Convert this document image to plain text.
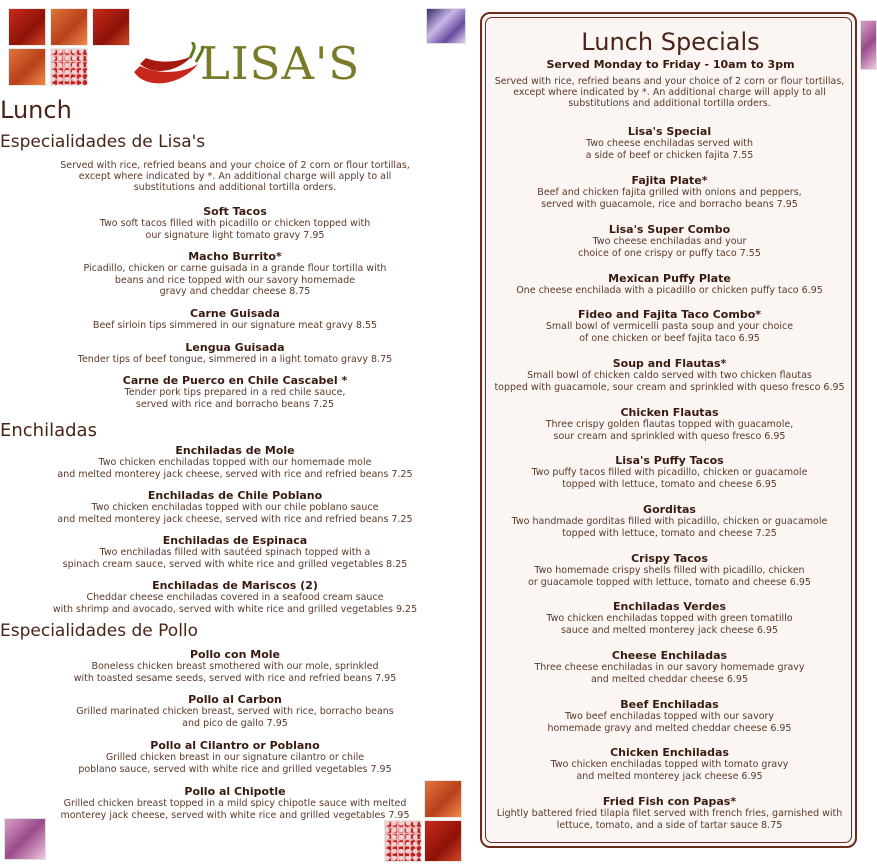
LISA'S
Lunch
Especialidades de Lisa's
Served with rice, refried beans and your choice of 2 corn or flour tortillas,
except where indicated by *. An additional charge will apply to all
substitutions and additional tortilla orders.
Soft Tacos
Two soft tacos filled with picadillo or chicken topped with
our signature light tomato gravy 7.95
Macho Burrito*
Picadillo, chicken or carne guisada in a grande flour tortilla with
beans and rice topped with our savory homemade
gravy and cheddar cheese 8.75
Carne Guisada
Beef sirloin tips simmered in our signature meat gravy 8.55
Lengua Guisada
Tender tips of beef tongue, simmered in a light tomato gravy 8.75
Carne de Puerco en Chile Cascabel *
Tender pork tips prepared in a red chile sauce,
served with rice and borracho beans 7.25
Enchiladas
Enchiladas de Mole
Two chicken enchiladas topped with our homemade mole
and melted monterey jack cheese, served with rice and refried beans 7.25
Enchiladas de Chile Poblano
Two chicken enchiladas topped with our chile poblano sauce
and melted monterey jack cheese, served with rice and refried beans 7.25
Enchiladas de Espinaca
Two enchiladas filled with sautéed spinach topped with a
spinach cream sauce, served with white rice and grilled vegetables 8.25
Enchiladas de Mariscos (2)
Cheddar cheese enchiladas covered in a seafood cream sauce
with shrimp and avocado, served with white rice and grilled vegetables 9.25
Especialidades de Pollo
Pollo con Mole
Boneless chicken breast smothered with our mole, sprinkled
with toasted sesame seeds, served with rice and refried beans 7.95
Pollo al Carbon
Grilled marinated chicken breast, served with rice, borracho beans
and pico de gallo 7.95
Pollo al Cilantro or Poblano
Grilled chicken breast in our signature cilantro or chile
poblano sauce, served with white rice and grilled vegetables 7.95
Pollo al Chipotle
Grilled chicken breast topped in a mild spicy chipotle sauce with melted
monterey jack cheese, served with white rice and grilled vegetables 7.95
Lunch Specials
Served Monday to Friday - 10am to 3pm
Served with rice, refried beans and your choice of 2 corn or flour tortillas,
except where indicated by *. An additional charge will apply to all
substitutions and additional tortilla orders.
Lisa's Special
Two cheese enchiladas served with
a side of beef or chicken fajita 7.55
Fajita Plate*
Beef and chicken fajita grilled with onions and peppers,
served with guacamole, rice and borracho beans 7.95
Lisa's Super Combo
Two cheese enchiladas and your
choice of one crispy or puffy taco 7.55
Mexican Puffy Plate
One cheese enchilada with a picadillo or chicken puffy taco 6.95
Fideo and Fajita Taco Combo*
Small bowl of vermicelli pasta soup and your choice
of one chicken or beef fajita taco 6.95
Soup and Flautas*
Small bowl of chicken caldo served with two chicken flautas
topped with guacamole, sour cream and sprinkled with queso fresco 6.95
Chicken Flautas
Three crispy golden flautas topped with guacamole,
sour cream and sprinkled with queso fresco 6.95
Lisa's Puffy Tacos
Two puffy tacos filled with picadillo, chicken or guacamole
topped with lettuce, tomato and cheese 6.95
Gorditas
Two handmade gorditas filled with picadillo, chicken or guacamole
topped with lettuce, tomato and cheese 7.25
Crispy Tacos
Two homemade crispy shells filled with picadillo, chicken
or guacamole topped with lettuce, tomato and cheese 6.95
Enchiladas Verdes
Two chicken enchiladas topped with green tomatillo
sauce and melted monterey jack cheese 6.95
Cheese Enchiladas
Three cheese enchiladas in our savory homemade gravy
and melted cheddar cheese 6.95
Beef Enchiladas
Two beef enchiladas topped with our savory
homemade gravy and melted cheddar cheese 6.95
Chicken Enchiladas
Two chicken enchiladas topped with tomato gravy
and melted monterey jack cheese 6.95
Fried Fish con Papas*
Lightly battered fried tilapia filet served with french fries, garnished with
lettuce, tomato, and a side of tartar sauce 8.75
